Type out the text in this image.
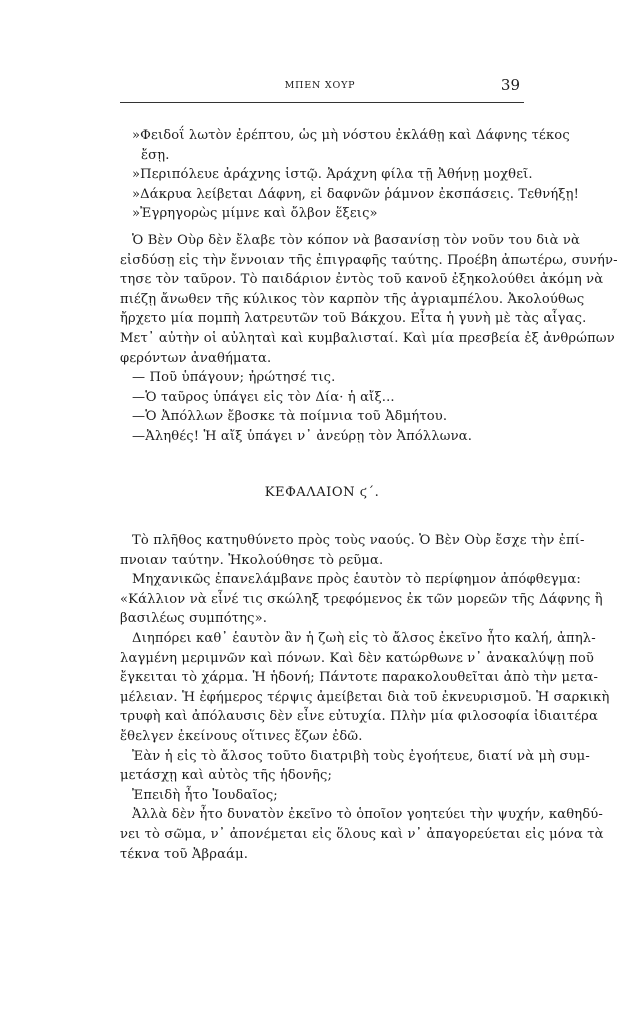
ΜΠΕΝ ΧΟΥΡ	39
»Φειδοΐ λωτὸν ἐρέπτου, ὡς μὴ νόστου ἐκλάθῃ καὶ Δάφνης τέκος
ἔσῃ.
»Περιπόλευε ἀράχνης ἱστῷ. Ἀράχνη φίλα τῇ Ἀθήνῃ μοχθεῖ.
»Δάκρυα λείβεται Δάφνη, εἰ δαφνῶν ῥάμνον ἐκσπάσεις. Τεθνήξῃ!
»Ἐγρηγορὼς μίμνε καὶ ὄλβον ἕξεις»
Ὁ Βὲν Οὺρ δὲν ἔλαβε τὸν κόπον νὰ βασανίσῃ τὸν νοῦν του διὰ νὰ
εἰσδύσῃ εἰς τὴν ἔννοιαν τῆς ἐπιγραφῆς ταύτης. Προέβη ἀπωτέρω, συνήν-
τησε τὸν ταῦρον. Τὸ παιδάριον ἐντὸς τοῦ κανοῦ ἐξηκολούθει ἀκόμη νὰ
πιέζῃ ἄνωθεν τῆς κύλικος τὸν καρπὸν τῆς ἀγριαμπέλου. Ἀκολούθως
ἤρχετο μία πομπὴ λατρευτῶν τοῦ Βάκχου. Εἶτα ἡ γυνὴ μὲ τὰς αἶγας.
Μετ᾽ αὐτὴν οἱ αὐληταὶ καὶ κυμβαλισταί. Καὶ μία πρεσβεία ἐξ ἀνθρώπων
φερόντων ἀναθήματα.
— Ποῦ ὑπάγουν; ἠρώτησέ τις.
—Ὁ ταῦρος ὑπάγει εἰς τὸν Δία· ἡ αἴξ...
—Ὁ Ἀπόλλων ἔβοσκε τὰ ποίμνια τοῦ Ἀδμήτου.
—Ἀληθές! Ἡ αἴξ ὑπάγει ν᾽ ἀνεύρῃ τὸν Ἀπόλλωνα.
ΚΕΦΑΛΑΙΟΝ ϛ΄.
Τὸ πλῆθος κατηυθύνετο πρὸς τοὺς ναούς. Ὁ Βὲν Οὺρ ἔσχε τὴν ἐπί-
πνοιαν ταύτην. Ἠκολούθησε τὸ ρεῦμα.
Μηχανικῶς ἐπανελάμβανε πρὸς ἑαυτὸν τὸ περίφημον ἀπόφθεγμα:
«Κάλλιον νὰ εἶνέ τις σκώληξ τρεφόμενος ἐκ τῶν μορεῶν τῆς Δάφνης ἢ
βασιλέως συμπότης».
Διηπόρει καθ᾽ ἑαυτὸν ἂν ἡ ζωὴ εἰς τὸ ἄλσος ἐκεῖνο ἦτο καλή, ἀπηλ-
λαγμένη μεριμνῶν καὶ πόνων. Καὶ δὲν κατώρθωνε ν᾽ ἀνακαλύψῃ ποῦ
ἔγκειται τὸ χάρμα. Ἡ ἡδονή; Πάντοτε παρακολουθεῖται ἀπὸ τὴν μετα-
μέλειαν. Ἡ ἐφήμερος τέρψις ἀμείβεται διὰ τοῦ ἐκνευρισμοῦ. Ἡ σαρκικὴ
τρυφὴ καὶ ἀπόλαυσις δὲν εἶνε εὐτυχία. Πλὴν μία φιλοσοφία ἰδιαιτέρα
ἔθελγεν ἐκείνους οἵτινες ἔζων ἐδῶ.
Ἐὰν ἡ εἰς τὸ ἄλσος τοῦτο διατριβὴ τοὺς ἐγοήτευε, διατί νὰ μὴ συμ-
μετάσχῃ καὶ αὐτὸς τῆς ἡδονῆς;
Ἐπειδὴ ἦτο Ἰουδαῖος;
Ἀλλὰ δὲν ἦτο δυνατὸν ἐκεῖνο τὸ ὁποῖον γοητεύει τὴν ψυχήν, καθηδύ-
νει τὸ σῶμα, ν᾽ ἀπονέμεται εἰς ὅλους καὶ ν᾽ ἀπαγορεύεται εἰς μόνα τὰ
τέκνα τοῦ Ἀβραάμ.
